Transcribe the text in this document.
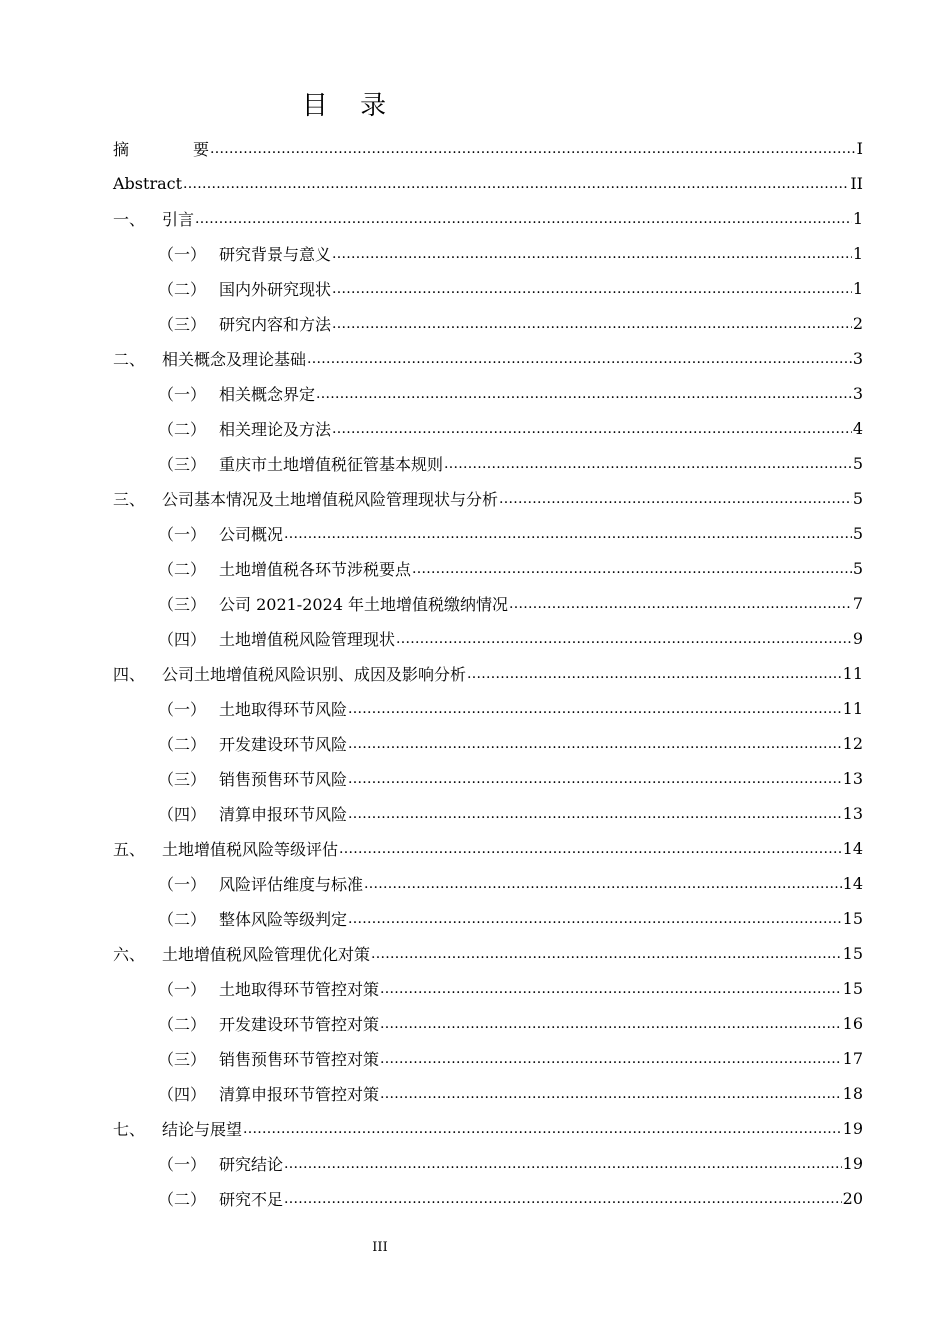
目 录
摘	要 .....	I
Abstract .....	II
一、	引言 .....	1
（一） 研究背景与意义 .....	1
（二） 国内外研究现状 .....	1
（三） 研究内容和方法 .....	2
二、	相关概念及理论基础 .....	3
（一） 相关概念界定 .....	3
（二） 相关理论及方法 .....	4
（三） 重庆市土地增值税征管基本规则 .....	5
三、	公司基本情况及土地增值税风险管理现状与分析 .....	5
（一） 公司概况 .....	5
（二） 土地增值税各环节涉税要点 .....	5
（三） 公司 2021-2024 年土地增值税缴纳情况 .....	7
（四） 土地增值税风险管理现状 .....	9
四、	公司土地增值税风险识别、成因及影响分析 .....	11
（一） 土地取得环节风险 .....	11
（二） 开发建设环节风险 .....	12
（三） 销售预售环节风险 .....	13
（四） 清算申报环节风险 .....	13
五、	土地增值税风险等级评估 .....	14
（一） 风险评估维度与标准 .....	14
（二） 整体风险等级判定 .....	15
六、	土地增值税风险管理优化对策 .....	15
（一） 土地取得环节管控对策 .....	15
（二） 开发建设环节管控对策 .....	16
（三） 销售预售环节管控对策 .....	17
（四） 清算申报环节管控对策 .....	18
七、	结论与展望 .....	19
（一） 研究结论 .....	19
（二） 研究不足 .....	20
III
